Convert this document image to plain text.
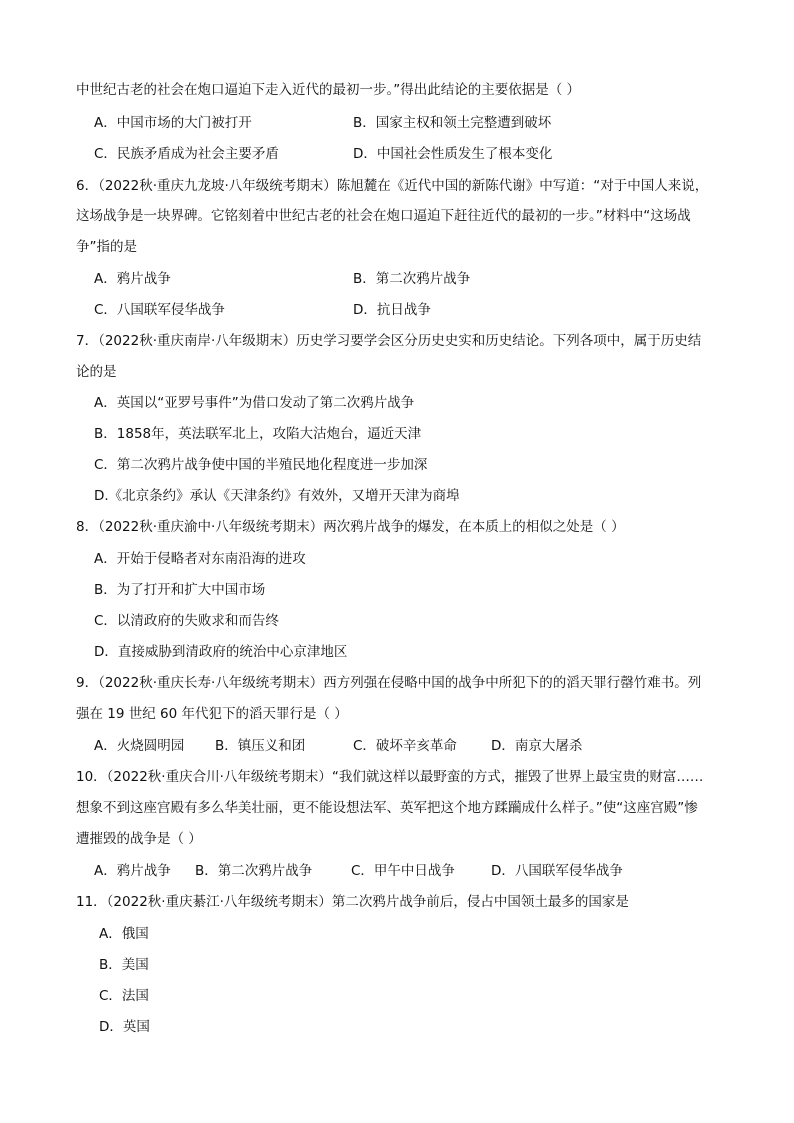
中世纪古老的社会在炮口逼迫下走入近代的最初一步。”得出此结论的主要依据是（ ）
A．中国市场的大门被打开	B．国家主权和领土完整遭到破坏
C．民族矛盾成为社会主要矛盾	D．中国社会性质发生了根本变化
6．（2022秋·重庆九龙坡·八年级统考期末）陈旭麓在《近代中国的新陈代谢》中写道：“对于中国人来说，
这场战争是一块界碑。它铭刻着中世纪古老的社会在炮口逼迫下赶往近代的最初的一步。”材料中“这场战
争”指的是
A．鸦片战争	B．第二次鸦片战争
C．八国联军侵华战争	D．抗日战争
7．（2022秋·重庆南岸·八年级期末）历史学习要学会区分历史史实和历史结论。下列各项中，属于历史结
论的是
A．英国以“亚罗号事件”为借口发动了第二次鸦片战争
B．1858年，英法联军北上，攻陷大沽炮台，逼近天津
C．第二次鸦片战争使中国的半殖民地化程度进一步加深
D.《北京条约》承认《天津条约》有效外，又增开天津为商埠
8．（2022秋·重庆渝中·八年级统考期末）两次鸦片战争的爆发，在本质上的相似之处是（ ）
A．开始于侵略者对东南沿海的进攻
B．为了打开和扩大中国市场
C．以清政府的失败求和而告终
D．直接威胁到清政府的统治中心京津地区
9．（2022秋·重庆长寿·八年级统考期末）西方列强在侵略中国的战争中所犯下的的滔天罪行罄竹难书。列
强在 19 世纪 60 年代犯下的滔天罪行是（ ）
A．火烧圆明园 B．镇压义和团	C．破坏辛亥革命	D．南京大屠杀
10．（2022秋·重庆合川·八年级统考期末）“我们就这样以最野蛮的方式，摧毁了世界上最宝贵的财富……
想象不到这座宫殿有多么华美壮丽，更不能设想法军、英军把这个地方蹂躏成什么样子。”使“这座宫殿”惨
遭摧毁的战争是（ ）
A．鸦片战争 B．第二次鸦片战争	C．甲午中日战争	D．八国联军侵华战争
11．（2022秋·重庆綦江·八年级统考期末）第二次鸦片战争前后，侵占中国领土最多的国家是
A．俄国
B．美国
C．法国
D．英国
